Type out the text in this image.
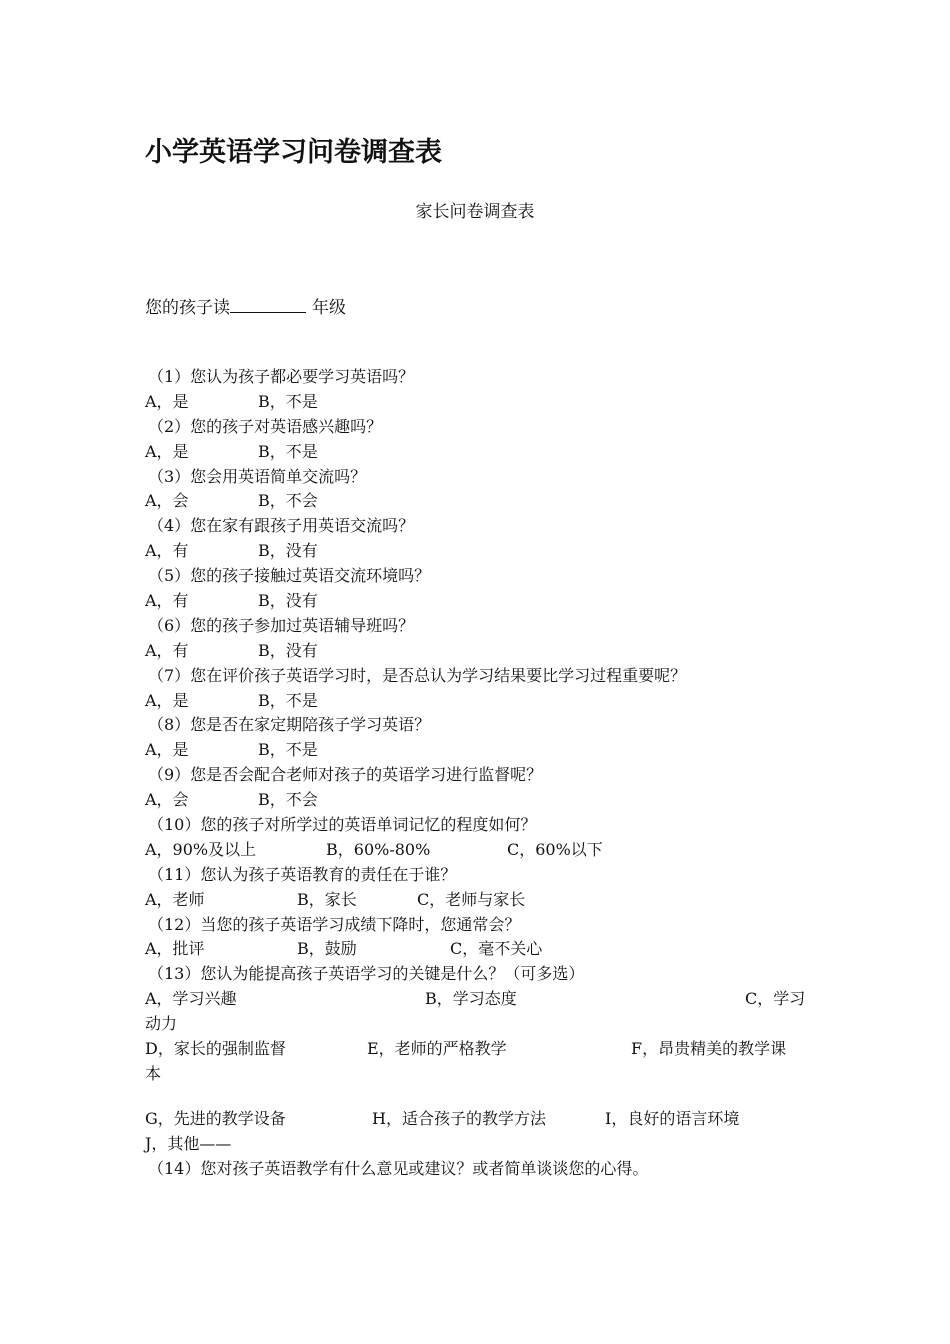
小学英语学习问卷调查表
家长问卷调查表
您的孩子读	年级
（1）您认为孩子都必要学习英语吗？
A，是	B，不是
（2）您的孩子对英语感兴趣吗？
A，是	B，不是
（3）您会用英语简单交流吗？
A，会	B，不会
（4）您在家有跟孩子用英语交流吗？
A，有	B，没有
（5）您的孩子接触过英语交流环境吗？
A，有	B，没有
（6）您的孩子参加过英语辅导班吗？
A，有	B，没有
（7）您在评价孩子英语学习时，是否总认为学习结果要比学习过程重要呢？
A，是	B，不是
（8）您是否在家定期陪孩子学习英语？
A，是	B，不是
（9）您是否会配合老师对孩子的英语学习进行监督呢？
A，会	B，不会
（10）您的孩子对所学过的英语单词记忆的程度如何？
A，90%及以上	B，60%-80%	C，60%以下
（11）您认为孩子英语教育的责任在于谁？
A，老师	B，家长	C，老师与家长
（12）当您的孩子英语学习成绩下降时，您通常会？
A，批评	B，鼓励	C，毫不关心
（13）您认为能提高孩子英语学习的关键是什么？（可多选）
A，学习兴趣	B，学习态度	C，学习
动力
D，家长的强制监督	E，老师的严格教学	F，昂贵精美的教学课
本
G，先进的教学设备	H，适合孩子的教学方法	I，良好的语言环境
J，其他——
（14）您对孩子英语教学有什么意见或建议？或者简单谈谈您的心得。
